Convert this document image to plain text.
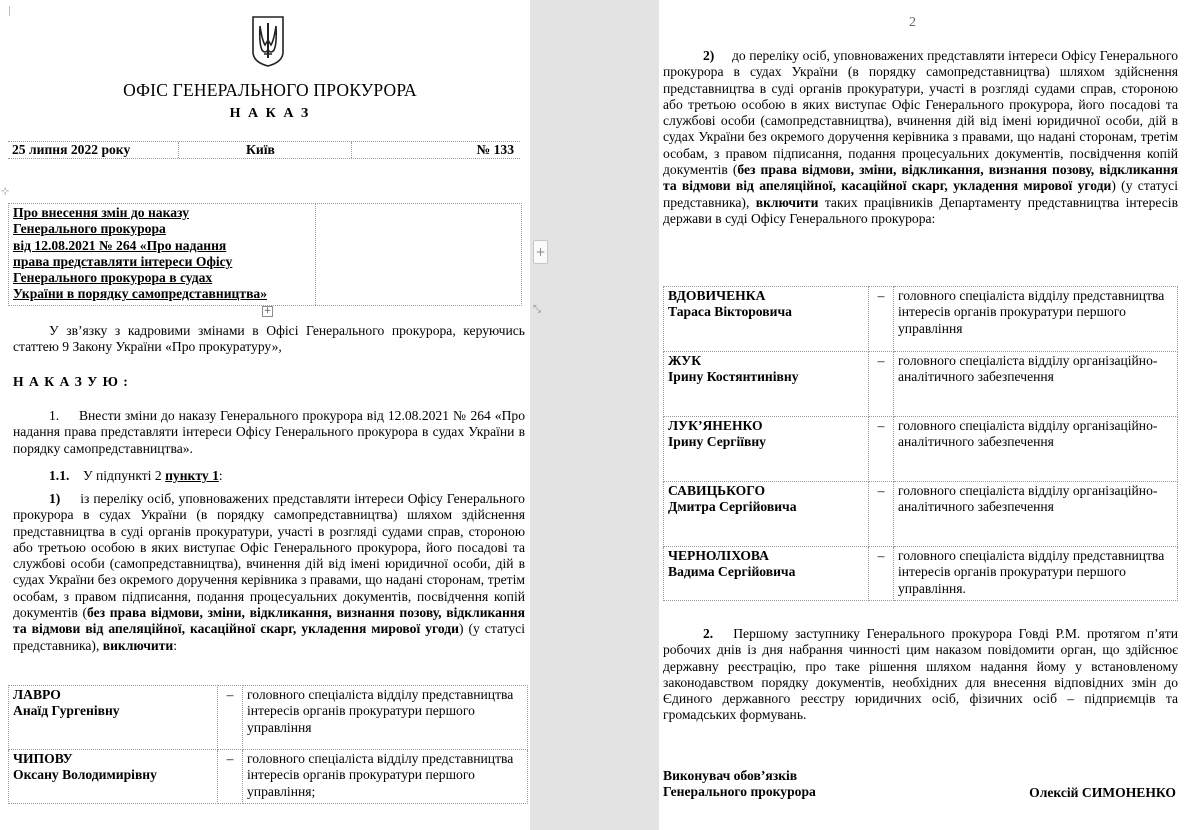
ОФІС ГЕНЕРАЛЬНОГО ПРОКУРОРА
Н А К А З
25 липня 2022 року	Київ	№ 133
⊹
Про внесення змін до наказу
Генерального прокурора
від 12.08.2021 № 264 «Про надання
права представляти інтереси Офісу
Генерального прокурора в судах
України в порядку самопредставництва»
+	⤡
У зв’язку з кадровими змінами в Офісі Генерального прокурора, керуючись статтею 9 Закону України «Про прокуратуру»,
Н А К А З У Ю :
1. Внести зміни до наказу Генерального прокурора від 12.08.2021 № 264 «Про надання права представляти інтереси Офісу Генерального прокурора в судах України в порядку самопредставництва».
1.1. У підпункті 2 пункту 1:
1) із переліку осіб, уповноважених представляти інтереси Офісу Генерального прокурора в судах України (в порядку самопредставництва) шляхом здійснення представництва в суді органів прокуратури, участі в розгляді судами справ, стороною або третьою особою в яких виступає Офіс Генерального прокурора, його посадові та службові особи (самопредставництва), вчинення дій від імені юридичної особи, дій в судах України без окремого доручення керівника з правами, що надані сторонам, третім особам, з правом підписання, подання процесуальних документів, посвідчення копій документів (без права відмови, зміни, відкликання, визнання позову, відкликання та відмови від апеляційної, касаційної скарг, укладення мирової угоди) (у статусі представника), виключити:
ЛАВРО
Анаїд Гургенівну	–	головного спеціаліста відділу представництва інтересів органів прокуратури першого управління

ЧИПОВУ
Оксану Володимирівну	–	головного спеціаліста відділу представництва інтересів органів прокуратури першого управління;
+
2
2) до переліку осіб, уповноважених представляти інтереси Офісу Генерального прокурора в судах України (в порядку самопредставництва) шляхом здійснення представництва в суді органів прокуратури, участі в розгляді судами справ, стороною або третьою особою в яких виступає Офіс Генерального прокурора, його посадові та службові особи (самопредставництва), вчинення дій від імені юридичної особи, дій в судах України без окремого доручення керівника з правами, що надані сторонам, третім особам, з правом підписання, подання процесуальних документів, посвідчення копій документів (без права відмови, зміни, відкликання, визнання позову, відкликання та відмови від апеляційної, касаційної скарг, укладення мирової угоди) (у статусі представника), включити таких працівників Департаменту представництва інтересів держави в суді Офісу Генерального прокурора:
ВДОВИЧЕНКА
Тараса Вікторовича	–	головного спеціаліста відділу представництва інтересів органів прокуратури першого управління

ЖУК
Ірину Костянтинівну	–	головного спеціаліста відділу організаційно-аналітичного забезпечення

ЛУК’ЯНЕНКО
Ірину Сергіївну	–	головного спеціаліста відділу організаційно-аналітичного забезпечення

САВИЦЬКОГО
Дмитра Сергійовича	–	головного спеціаліста відділу організаційно-аналітичного забезпечення

ЧЕРНОЛІХОВА
Вадима Сергійовича	–	головного спеціаліста відділу представництва інтересів органів прокуратури першого управління.
2. Першому заступнику Генерального прокурора Говді Р.М. протягом п’яти робочих днів із дня набрання чинності цим наказом повідомити орган, що здійснює державну реєстрацію, про таке рішення шляхом надання йому у встановленому законодавством порядку документів, необхідних для внесення відповідних змін до Єдиного державного реєстру юридичних осіб, фізичних осіб – підприємців та громадських формувань.
Виконувач обов’язків
Генерального прокурора	Олексій СИМОНЕНКО
